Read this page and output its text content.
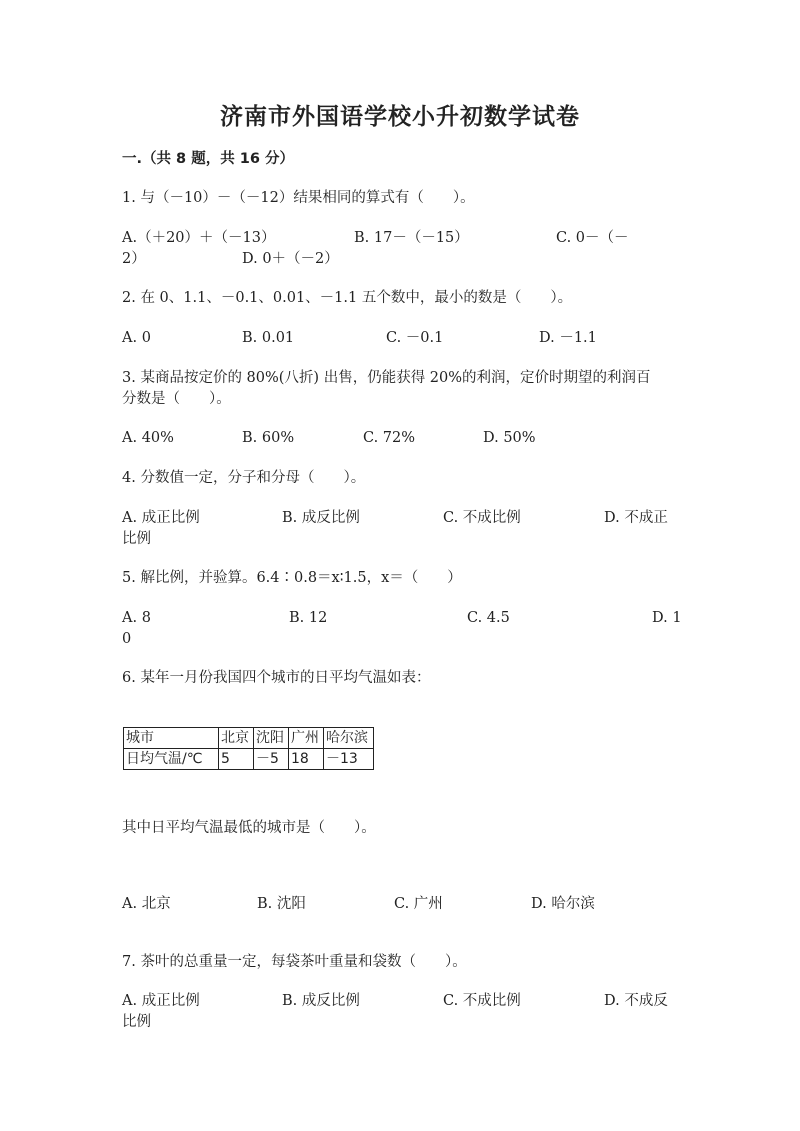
济南市外国语学校小升初数学试卷
一.（共 8 题，共 16 分）
1. 与（－10）－（－12）结果相同的算式有（　　）。
A.（＋20）＋（－13）	B. 17－（－15）	C. 0－（－
2）	D. 0＋（－2）
2. 在 0、1.1、－0.1、0.01、－1.1 五个数中，最小的数是（　　）。
A. 0	B. 0.01	C. －0.1	D. －1.1
3. 某商品按定价的 80%(八折) 出售，仍能获得 20%的利润，定价时期望的利润百
分数是（　　）。
A. 40%	B. 60%	C. 72%	D. 50%
4. 分数值一定，分子和分母（　　）。
A. 成正比例	B. 成反比例	C. 不成比例	D. 不成正
比例
5. 解比例，并验算。6.4∶0.8＝x∶1.5，x＝（　　）
A. 8	B. 12	C. 4.5	D. 1
0
6. 某年一月份我国四个城市的日平均气温如表：
城市	北京	沈阳	广州	哈尔滨
日均气温/℃	5	－5	18	－13
其中日平均气温最低的城市是（　　）。
A. 北京	B. 沈阳	C. 广州	D. 哈尔滨
7. 茶叶的总重量一定，每袋茶叶重量和袋数（　　）。
A. 成正比例	B. 成反比例	C. 不成比例	D. 不成反
比例
